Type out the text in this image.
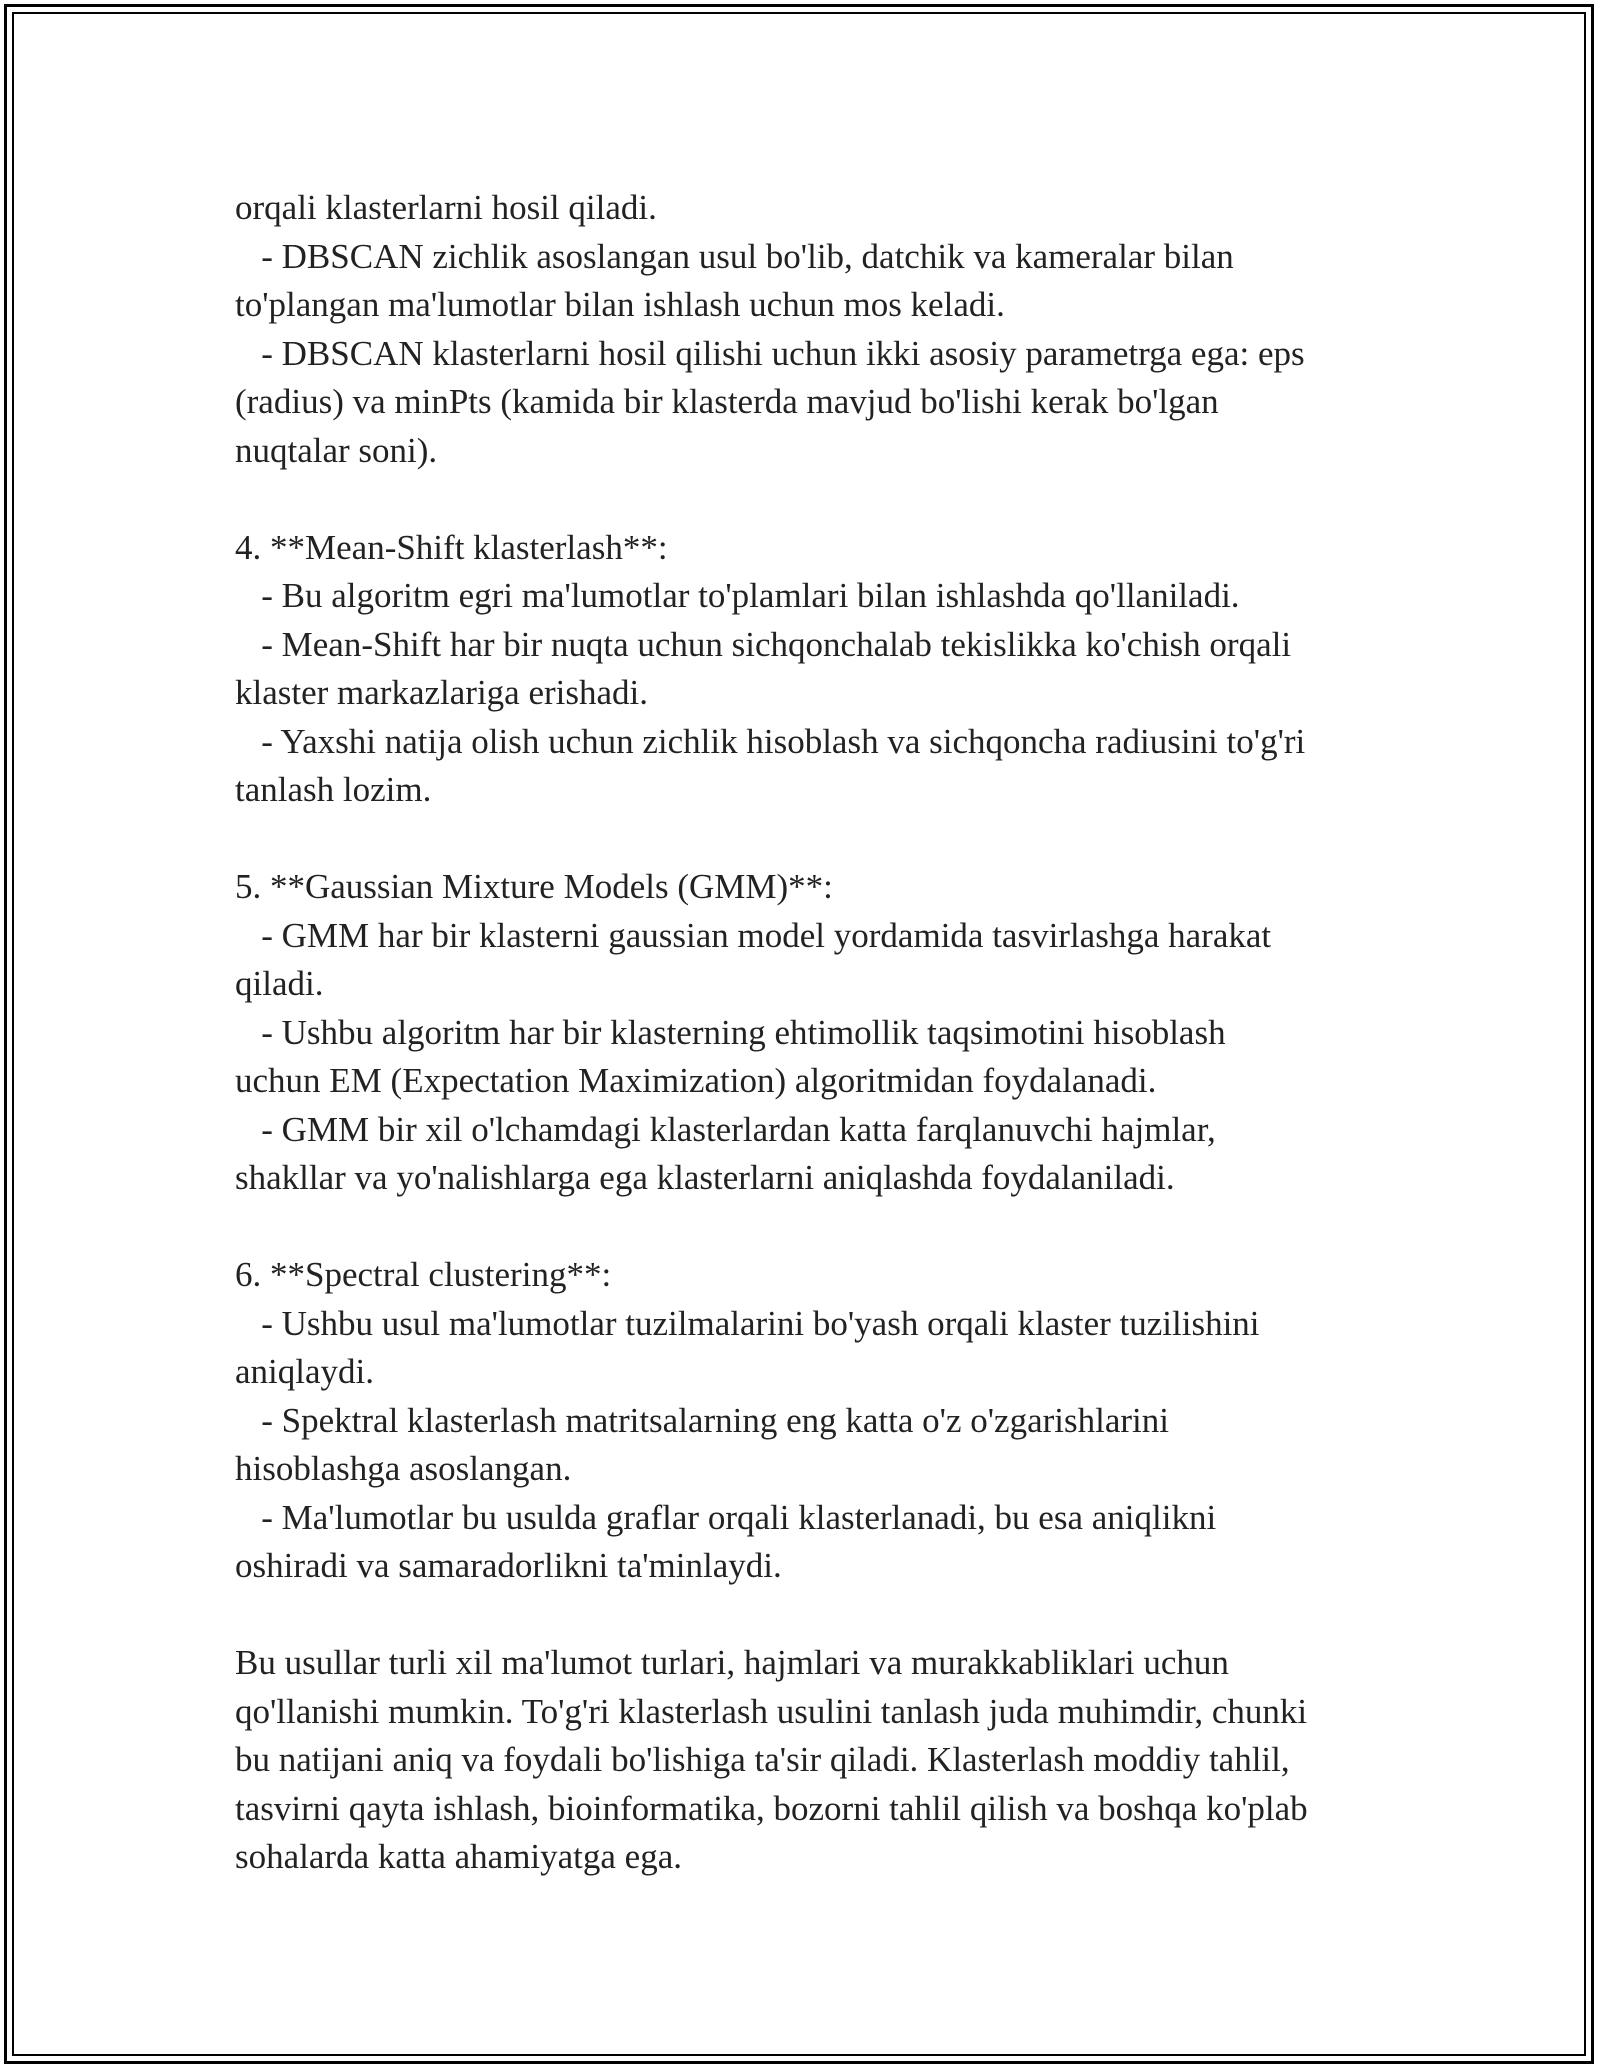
orqali klasterlarni hosil qiladi.

- DBSCAN zichlik asoslangan usul bo'lib, datchik va kameralar bilan

to'plangan ma'lumotlar bilan ishlash uchun mos keladi.

- DBSCAN klasterlarni hosil qilishi uchun ikki asosiy parametrga ega: eps

(radius) va minPts (kamida bir klasterda mavjud bo'lishi kerak bo'lgan

nuqtalar soni).

4. **Mean-Shift klasterlash**:

- Bu algoritm egri ma'lumotlar to'plamlari bilan ishlashda qo'llaniladi.

- Mean-Shift har bir nuqta uchun sichqonchalab tekislikka ko'chish orqali

klaster markazlariga erishadi.

- Yaxshi natija olish uchun zichlik hisoblash va sichqoncha radiusini to'g'ri

tanlash lozim.

5. **Gaussian Mixture Models (GMM)**:

- GMM har bir klasterni gaussian model yordamida tasvirlashga harakat

qiladi.

- Ushbu algoritm har bir klasterning ehtimollik taqsimotini hisoblash

uchun EM (Expectation Maximization) algoritmidan foydalanadi.

- GMM bir xil o'lchamdagi klasterlardan katta farqlanuvchi hajmlar,

shakllar va yo'nalishlarga ega klasterlarni aniqlashda foydalaniladi.

6. **Spectral clustering**:

- Ushbu usul ma'lumotlar tuzilmalarini bo'yash orqali klaster tuzilishini

aniqlaydi.

- Spektral klasterlash matritsalarning eng katta o'z o'zgarishlarini

hisoblashga asoslangan.

- Ma'lumotlar bu usulda graflar orqali klasterlanadi, bu esa aniqlikni

oshiradi va samaradorlikni ta'minlaydi.

Bu usullar turli xil ma'lumot turlari, hajmlari va murakkabliklari uchun

qo'llanishi mumkin. To'g'ri klasterlash usulini tanlash juda muhimdir, chunki

bu natijani aniq va foydali bo'lishiga ta'sir qiladi. Klasterlash moddiy tahlil,

tasvirni qayta ishlash, bioinformatika, bozorni tahlil qilish va boshqa ko'plab

sohalarda katta ahamiyatga ega.
